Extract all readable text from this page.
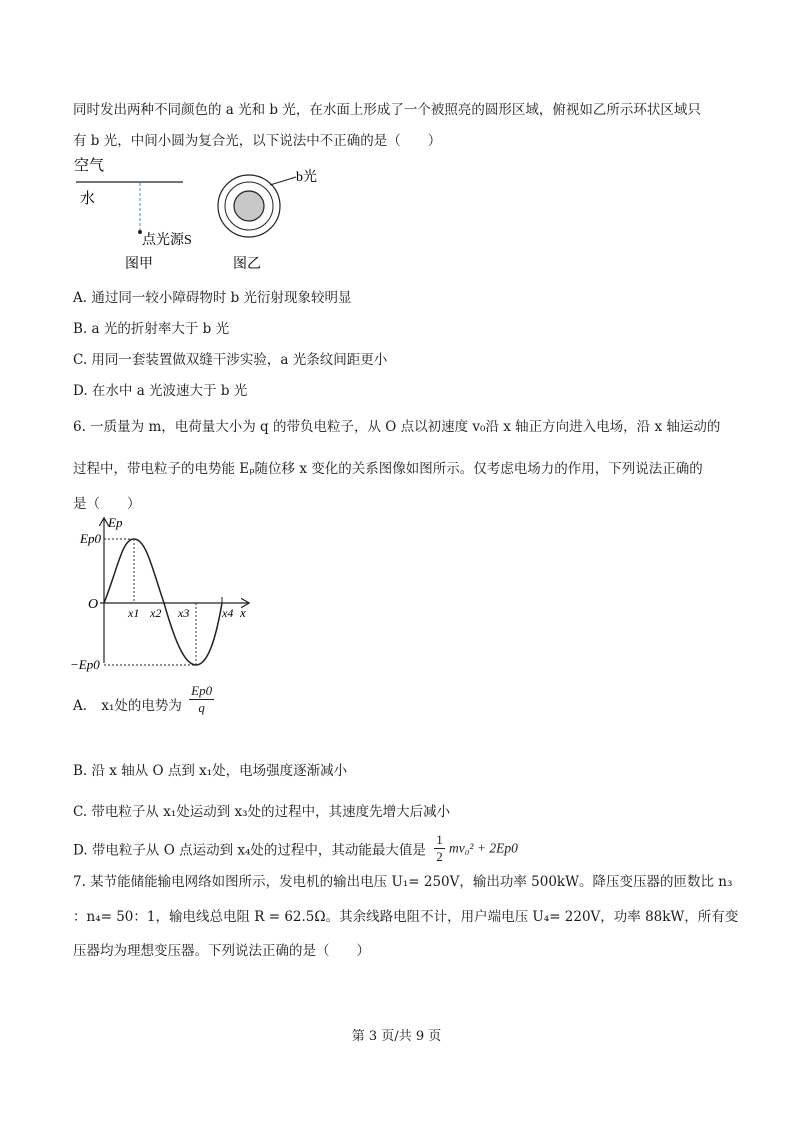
同时发出两种不同颜色的 a 光和 b 光，在水面上形成了一个被照亮的圆形区域，俯视如乙所示环状区域只
有 b 光，中间小圆为复合光，以下说法中不正确的是（　　）
空气
水
点光源S
图甲
b光
图乙
A. 通过同一较小障碍物时 b 光衍射现象较明显
B. a 光的折射率大于 b 光
C. 用同一套装置做双缝干涉实验，a 光条纹间距更小
D. 在水中 a 光波速大于 b 光
6. 一质量为 m，电荷量大小为 q 的带负电粒子，从 O 点以初速度 v₀沿 x 轴正方向进入电场，沿 x 轴运动的
过程中，带电粒子的电势能 Eₚ随位移 x 变化的关系图像如图所示。仅考虑电场力的作用，下列说法正确的
是（　　）
Ep
Ep0
−Ep0
O
x1 x2 x3	x4 x
A. x₁处的电势为 $\frac{Ep0}{q}$
B. 沿 x 轴从 O 点到 x₁处，电场强度逐渐减小
C. 带电粒子从 x₁处运动到 x₃处的过程中，其速度先增大后减小
D. 带电粒子从 O 点运动到 x₄处的过程中，其动能最大值是 $\frac{1}{2} mv_0^2 + 2Ep0$
7. 某节能储能输电网络如图所示，发电机的输出电压 U₁= 250V，输出功率 500kW。降压变压器的匝数比 n₃
：n₄= 50：1，输电线总电阻 R = 62.5Ω。其余线路电阻不计，用户端电压 U₄= 220V，功率 88kW，所有变
压器均为理想变压器。下列说法正确的是（　　）
第 3 页/共 9 页
